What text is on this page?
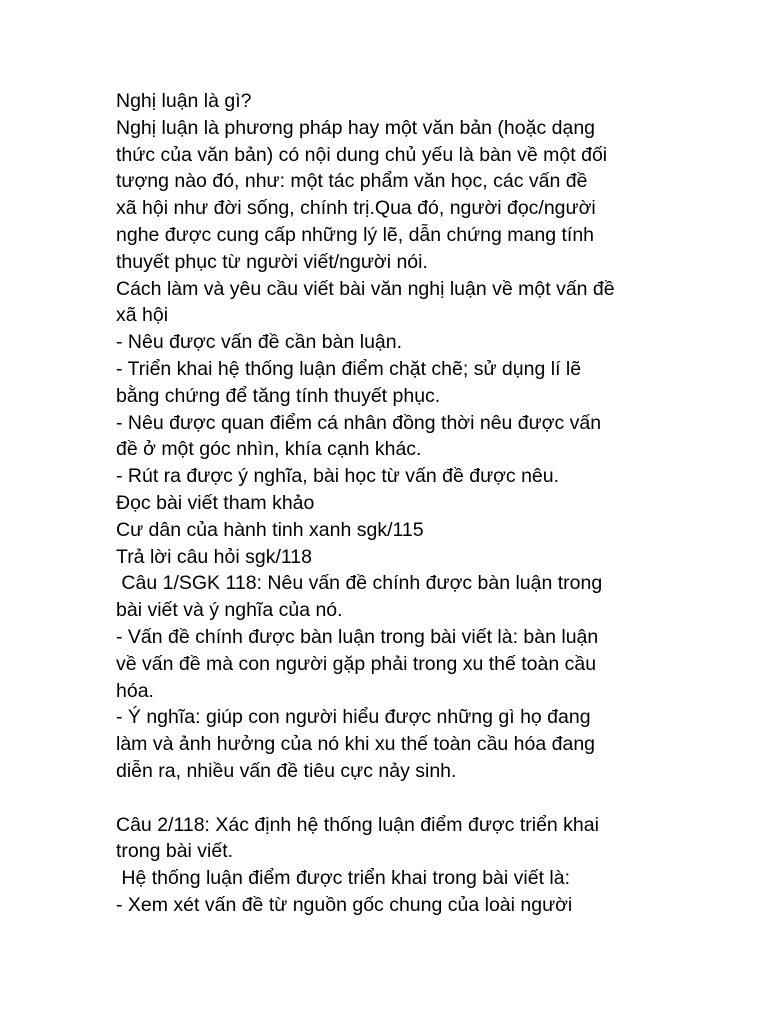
Nghị luận là gì?
Nghị luận là phương pháp hay một văn bản (hoặc dạng
thức của văn bản) có nội dung chủ yếu là bàn về một đối
tượng nào đó, như: một tác phẩm văn học, các vấn đề
xã hội như đời sống, chính trị.Qua đó, người đọc/người
nghe được cung cấp những lý lẽ, dẫn chứng mang tính
thuyết phục từ người viết/người nói.
Cách làm và yêu cầu viết bài văn nghị luận về một vấn đề
xã hội
- Nêu được vấn đề cần bàn luận.
- Triển khai hệ thống luận điểm chặt chẽ; sử dụng lí lẽ
bằng chứng để tăng tính thuyết phục.
- Nêu được quan điểm cá nhân đồng thời nêu được vấn
đề ở một góc nhìn, khía cạnh khác.
- Rút ra được ý nghĩa, bài học từ vấn đề được nêu.
Đọc bài viết tham khảo
Cư dân của hành tinh xanh sgk/115
Trả lời câu hỏi sgk/118
Câu 1/SGK 118: Nêu vấn đề chính được bàn luận trong
bài viết và ý nghĩa của nó.
- Vấn đề chính được bàn luận trong bài viết là: bàn luận
về vấn đề mà con người gặp phải trong xu thế toàn cầu
hóa.
- Ý nghĩa: giúp con người hiểu được những gì họ đang
làm và ảnh hưởng của nó khi xu thế toàn cầu hóa đang
diễn ra, nhiều vấn đề tiêu cực nảy sinh.
Câu 2/118: Xác định hệ thống luận điểm được triển khai
trong bài viết.
Hệ thống luận điểm được triển khai trong bài viết là:
- Xem xét vấn đề từ nguồn gốc chung của loài người
